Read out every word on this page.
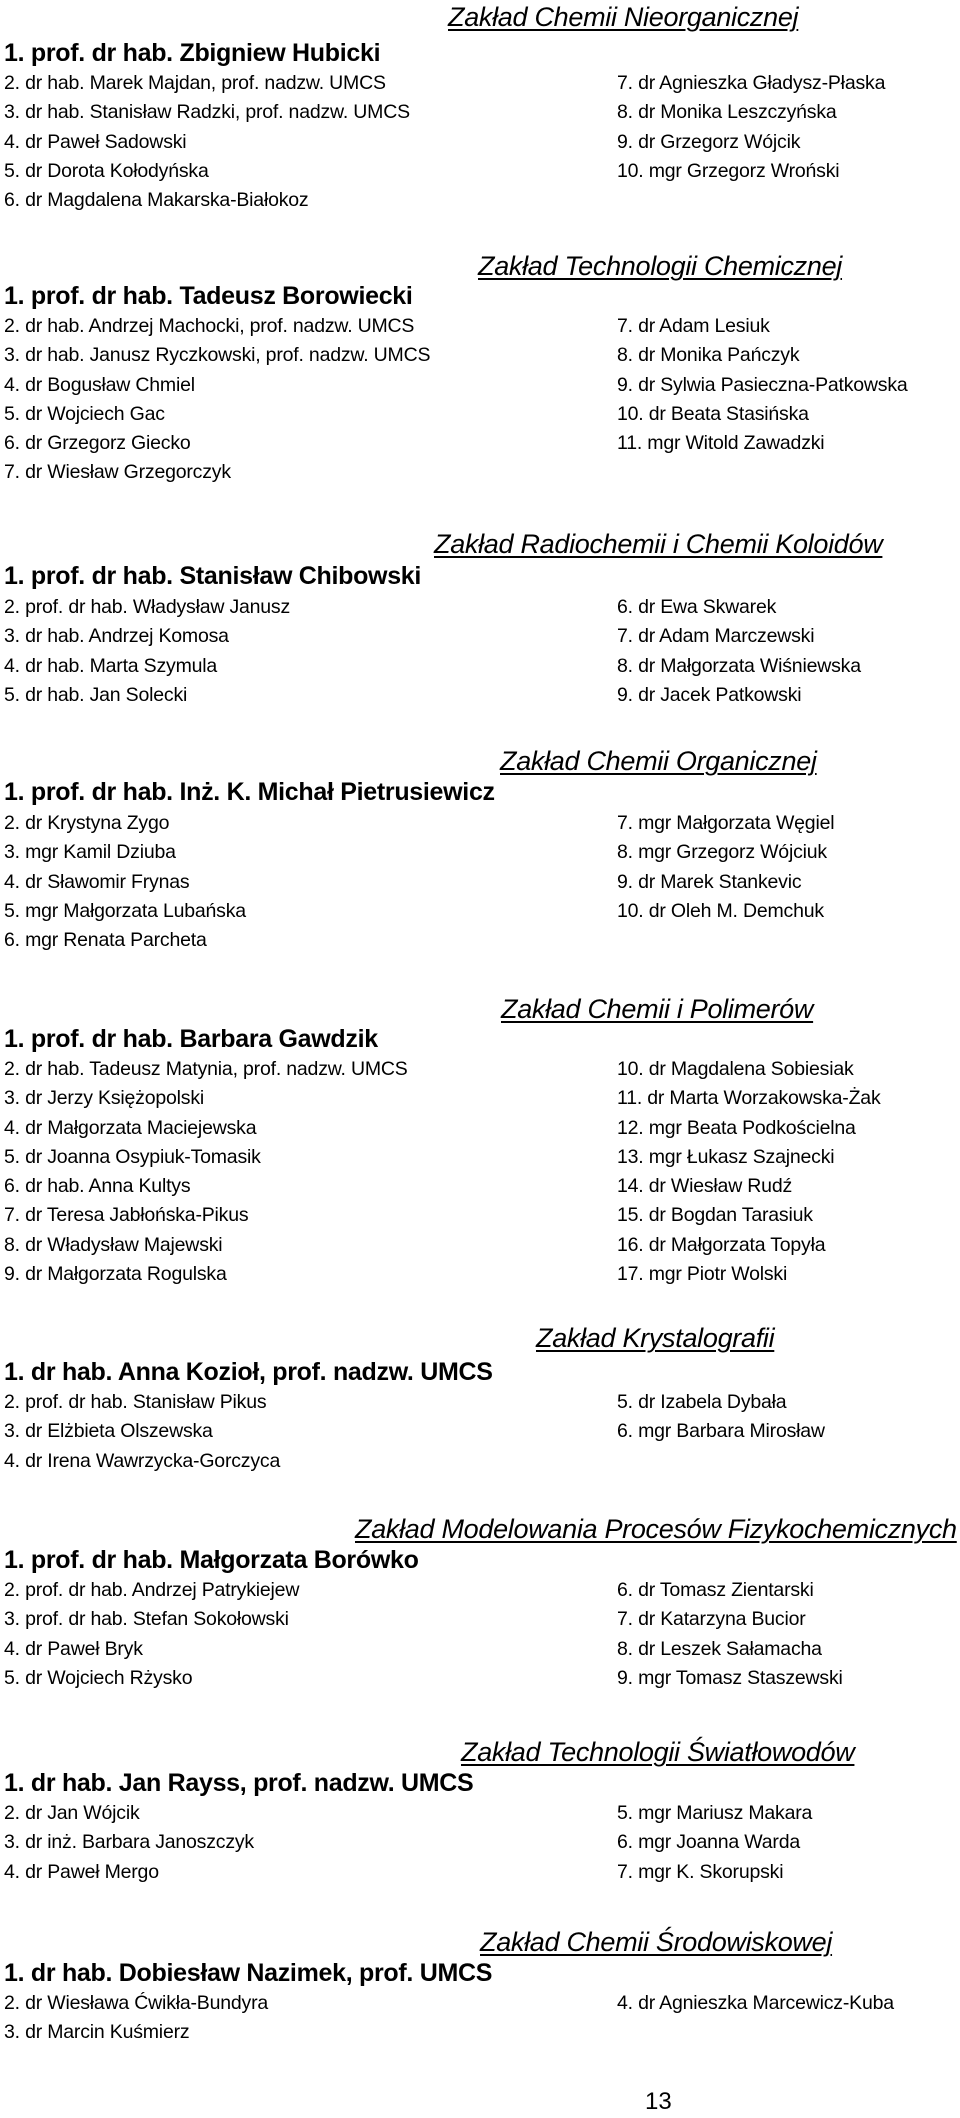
Zakład Chemii Nieorganicznej
1. prof. dr hab. Zbigniew Hubicki
2. dr hab. Marek Majdan, prof. nadzw. UMCS
3. dr hab. Stanisław Radzki, prof. nadzw. UMCS
4. dr Paweł Sadowski
5. dr Dorota Kołodyńska
6. dr Magdalena Makarska-Białokoz
7. dr Agnieszka Gładysz-Płaska
8. dr Monika Leszczyńska
9. dr Grzegorz Wójcik
10. mgr Grzegorz Wroński
Zakład Technologii Chemicznej
1. prof. dr hab. Tadeusz Borowiecki
2. dr hab. Andrzej Machocki, prof. nadzw. UMCS
3. dr hab. Janusz Ryczkowski, prof. nadzw. UMCS
4. dr Bogusław Chmiel
5. dr Wojciech Gac
6. dr Grzegorz Giecko
7. dr Wiesław Grzegorczyk
7. dr Adam Lesiuk
8. dr Monika Pańczyk
9. dr Sylwia Pasieczna-Patkowska
10. dr Beata Stasińska
11. mgr Witold Zawadzki
Zakład Radiochemii i Chemii Koloidów
1. prof. dr hab. Stanisław Chibowski
2. prof. dr hab. Władysław Janusz
3. dr hab. Andrzej Komosa
4. dr hab. Marta Szymula
5. dr hab. Jan Solecki
6. dr Ewa Skwarek
7. dr Adam Marczewski
8. dr Małgorzata Wiśniewska
9. dr Jacek Patkowski
Zakład Chemii Organicznej
1. prof. dr hab. Inż. K. Michał Pietrusiewicz
2. dr Krystyna Zygo
3. mgr Kamil Dziuba
4. dr Sławomir Frynas
5. mgr Małgorzata Lubańska
6. mgr Renata Parcheta
7. mgr Małgorzata Węgiel
8. mgr Grzegorz Wójciuk
9. dr Marek Stankevic
10. dr Oleh M. Demchuk
Zakład Chemii i Polimerów
1. prof. dr hab. Barbara Gawdzik
2. dr hab. Tadeusz Matynia, prof. nadzw. UMCS
3. dr Jerzy Księżopolski
4. dr Małgorzata Maciejewska
5. dr Joanna Osypiuk-Tomasik
6. dr hab. Anna Kultys
7. dr Teresa Jabłońska-Pikus
8. dr Władysław Majewski
9. dr Małgorzata Rogulska
10. dr Magdalena Sobiesiak
11. dr Marta Worzakowska-Żak
12. mgr Beata Podkościelna
13. mgr Łukasz Szajnecki
14. dr Wiesław Rudź
15. dr Bogdan Tarasiuk
16. dr Małgorzata Topyła
17. mgr Piotr Wolski
Zakład Krystalografii
1. dr hab. Anna Kozioł, prof. nadzw. UMCS
2. prof. dr hab. Stanisław Pikus
3. dr Elżbieta Olszewska
4. dr Irena Wawrzycka-Gorczyca
5. dr Izabela Dybała
6. mgr Barbara Mirosław
Zakład Modelowania Procesów Fizykochemicznych
1. prof. dr hab. Małgorzata Borówko
2. prof. dr hab. Andrzej Patrykiejew
3. prof. dr hab. Stefan Sokołowski
4. dr Paweł Bryk
5. dr Wojciech Rżysko
6. dr Tomasz Zientarski
7. dr Katarzyna Bucior
8. dr Leszek Sałamacha
9. mgr Tomasz Staszewski
Zakład Technologii Światłowodów
1. dr hab. Jan Rayss, prof. nadzw. UMCS
2. dr Jan Wójcik
3. dr inż. Barbara Janoszczyk
4. dr Paweł Mergo
5. mgr Mariusz Makara
6. mgr Joanna Warda
7. mgr K. Skorupski
Zakład Chemii Środowiskowej
1. dr hab. Dobiesław Nazimek, prof. UMCS
2. dr Wiesława Ćwikła-Bundyra
3. dr Marcin Kuśmierz
4. dr Agnieszka Marcewicz-Kuba
13
